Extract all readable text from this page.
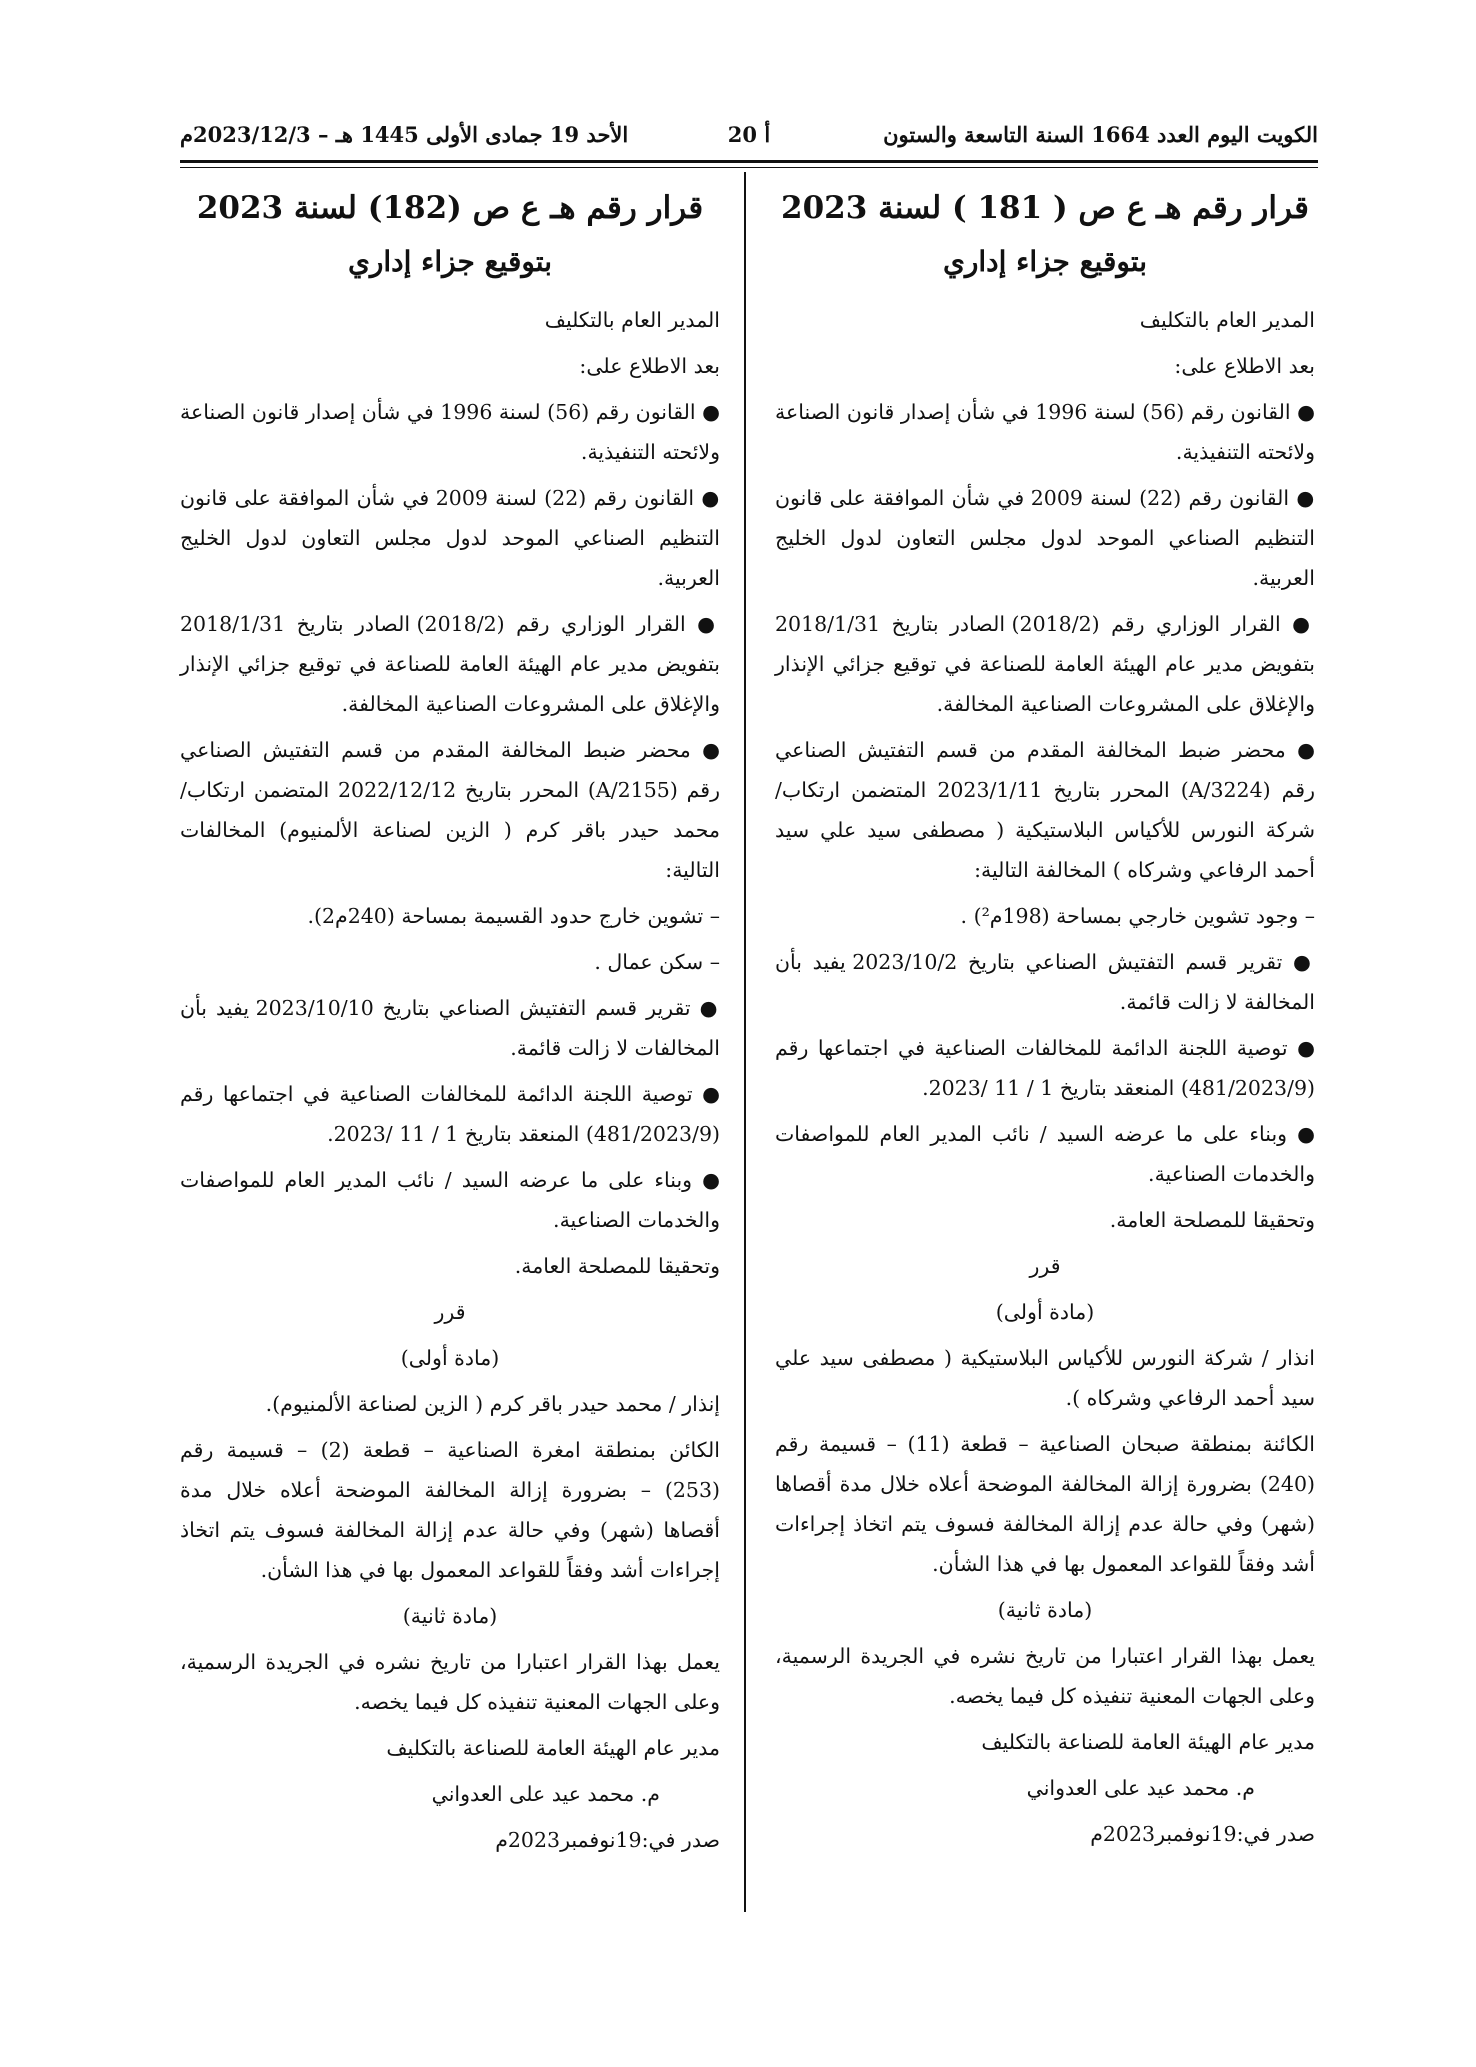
الكويت اليوم العدد 1664 السنة التاسعة والستون
أ 20
الأحد 19 جمادى الأولى 1445 هـ – 2023/12/3م
قرار رقم هـ ع ص ( 181 ) لسنة 2023
بتوقيع جزاء إداري

المدير العام بالتكليف

بعد الاطلاع على:

● القانون رقم (56) لسنة 1996 في شأن إصدار قانون الصناعة ولائحته التنفيذية.

● القانون رقم (22) لسنة 2009 في شأن الموافقة على قانون التنظيم الصناعي الموحد لدول مجلس التعاون لدول الخليج العربية.

● القرار الوزاري رقم (2018/2) الصادر بتاريخ 2018/1/31 بتفويض مدير عام الهيئة العامة للصناعة في توقيع جزائي الإنذار والإغلاق على المشروعات الصناعية المخالفة.

● محضر ضبط المخالفة المقدم من قسم التفتيش الصناعي رقم (A/3224) المحرر بتاريخ 2023/1/11 المتضمن ارتكاب/ شركة النورس للأكياس البلاستيكية ( مصطفى سيد علي سيد أحمد الرفاعي وشركاه ) المخالفة التالية:

– وجود تشوين خارجي بمساحة (198م²) .

● تقرير قسم التفتيش الصناعي بتاريخ 2023/10/2 يفيد بأن المخالفة لا زالت قائمة.

● توصية اللجنة الدائمة للمخالفات الصناعية في اجتماعها رقم (481/2023/9) المنعقد بتاريخ 1 / 11 /2023.

● وبناء على ما عرضه السيد / نائب المدير العام للمواصفات والخدمات الصناعية.

وتحقيقا للمصلحة العامة.

قرر

(مادة أولى)

انذار / شركة النورس للأكياس البلاستيكية ( مصطفى سيد علي سيد أحمد الرفاعي وشركاه ).

الكائنة بمنطقة صبحان الصناعية – قطعة (11) – قسيمة رقم (240) بضرورة إزالة المخالفة الموضحة أعلاه خلال مدة أقصاها (شهر) وفي حالة عدم إزالة المخالفة فسوف يتم اتخاذ إجراءات أشد وفقاً للقواعد المعمول بها في هذا الشأن.

(مادة ثانية)

يعمل بهذا القرار اعتبارا من تاريخ نشره في الجريدة الرسمية، وعلى الجهات المعنية تنفيذه كل فيما يخصه.

مدير عام الهيئة العامة للصناعة بالتكليف

م. محمد عيد على العدواني

صدر في:19نوفمبر2023م

قرار رقم هـ ع ص (182) لسنة 2023
بتوقيع جزاء إداري

المدير العام بالتكليف

بعد الاطلاع على:

● القانون رقم (56) لسنة 1996 في شأن إصدار قانون الصناعة ولائحته التنفيذية.

● القانون رقم (22) لسنة 2009 في شأن الموافقة على قانون التنظيم الصناعي الموحد لدول مجلس التعاون لدول الخليج العربية.

● القرار الوزاري رقم (2018/2) الصادر بتاريخ 2018/1/31 بتفويض مدير عام الهيئة العامة للصناعة في توقيع جزائي الإنذار والإغلاق على المشروعات الصناعية المخالفة.

● محضر ضبط المخالفة المقدم من قسم التفتيش الصناعي رقم (A/2155) المحرر بتاريخ 2022/12/12 المتضمن ارتكاب/ محمد حيدر باقر كرم ( الزين لصناعة الألمنيوم) المخالفات التالية:

– تشوين خارج حدود القسيمة بمساحة (240م2).

– سكن عمال .

● تقرير قسم التفتيش الصناعي بتاريخ 2023/10/10 يفيد بأن المخالفات لا زالت قائمة.

● توصية اللجنة الدائمة للمخالفات الصناعية في اجتماعها رقم (481/2023/9) المنعقد بتاريخ 1 / 11 /2023.

● وبناء على ما عرضه السيد / نائب المدير العام للمواصفات والخدمات الصناعية.

وتحقيقا للمصلحة العامة.

قرر

(مادة أولى)

إنذار / محمد حيدر باقر كرم ( الزين لصناعة الألمنيوم).

الكائن بمنطقة امغرة الصناعية – قطعة (2) – قسيمة رقم (253) – بضرورة إزالة المخالفة الموضحة أعلاه خلال مدة أقصاها (شهر) وفي حالة عدم إزالة المخالفة فسوف يتم اتخاذ إجراءات أشد وفقاً للقواعد المعمول بها في هذا الشأن.

(مادة ثانية)

يعمل بهذا القرار اعتبارا من تاريخ نشره في الجريدة الرسمية، وعلى الجهات المعنية تنفيذه كل فيما يخصه.

مدير عام الهيئة العامة للصناعة بالتكليف

م. محمد عيد على العدواني

صدر في:19نوفمبر2023م
